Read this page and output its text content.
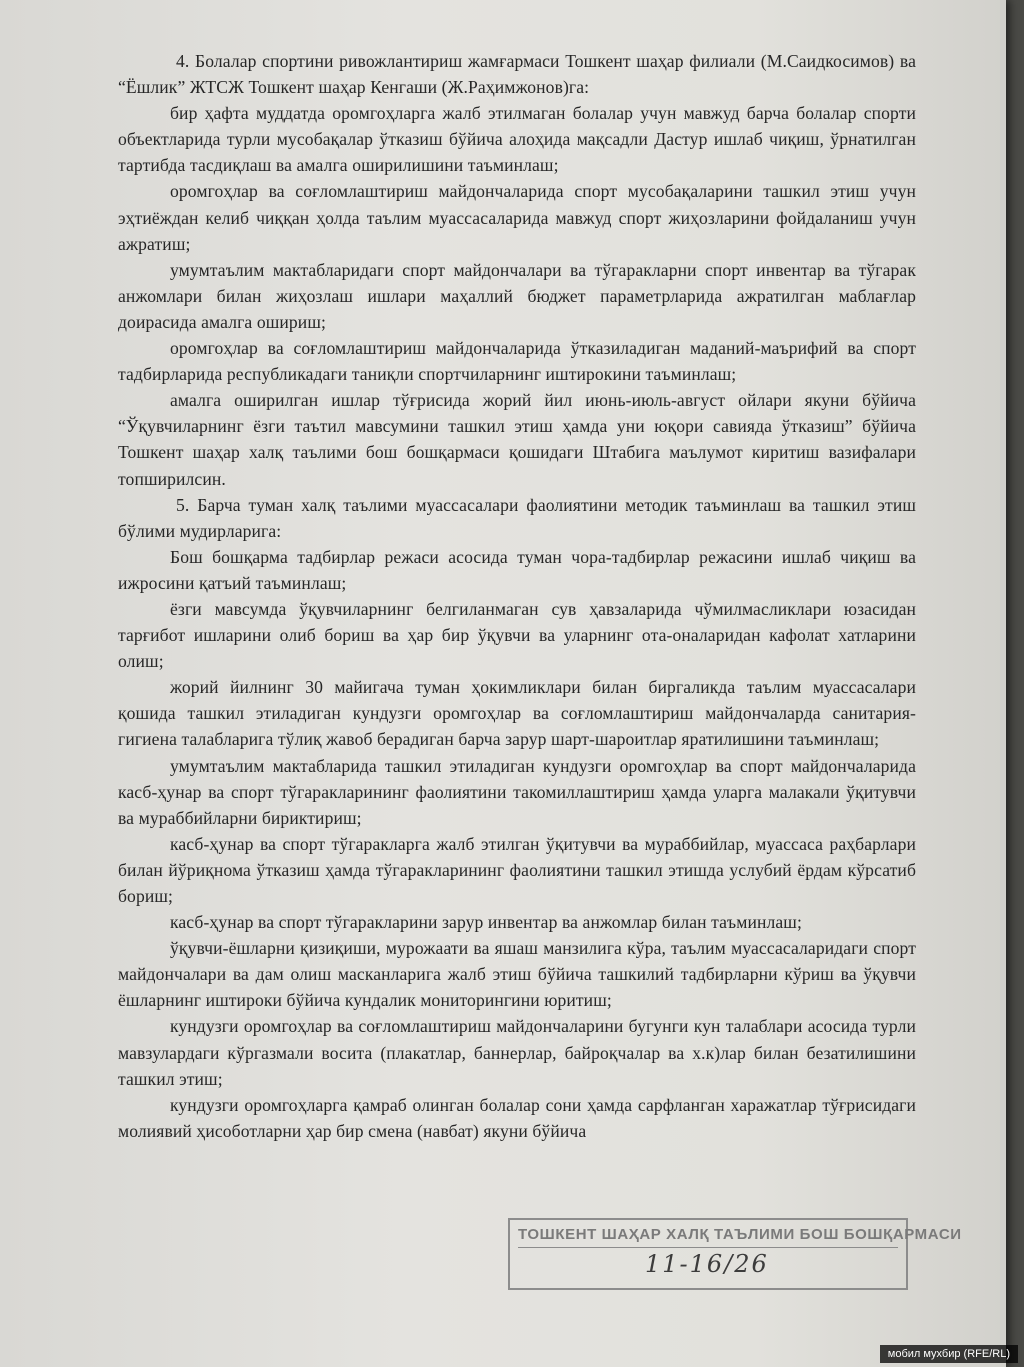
4. Болалар спортини ривожлантириш жамғармаси Тошкент шаҳар филиали (М.Саидкосимов) ва “Ёшлик” ЖТСЖ Тошкент шаҳар Кенгаши (Ж.Раҳимжонов)га:

бир ҳафта муддатда оромгоҳларга жалб этилмаган болалар учун мавжуд барча болалар спорти объектларида турли мусобақалар ўтказиш бўйича алоҳида мақсадли Дастур ишлаб чиқиш, ўрнатилган тартибда тасдиқлаш ва амалга оширилишини таъминлаш;

оромгоҳлар ва соғломлаштириш майдончаларида спорт мусобақаларини ташкил этиш учун эҳтиёждан келиб чиққан ҳолда таълим муассасаларида мавжуд спорт жиҳозларини фойдаланиш учун ажратиш;

умумтаълим мактабларидаги спорт майдончалари ва тўгаракларни спорт инвентар ва тўгарак анжомлари билан жиҳозлаш ишлари маҳаллий бюджет параметрларида ажратилган маблағлар доирасида амалга ошириш;

оромгоҳлар ва соғломлаштириш майдончаларида ўтказиладиган маданий-маърифий ва спорт тадбирларида республикадаги таниқли спортчиларнинг иштирокини таъминлаш;

амалга оширилган ишлар тўғрисида жорий йил июнь-июль-август ойлари якуни бўйича “Ўқувчиларнинг ёзги таътил мавсумини ташкил этиш ҳамда уни юқори савияда ўтказиш” бўйича Тошкент шаҳар халқ таълими бош бошқармаси қошидаги Штабига маълумот киритиш вазифалари топширилсин.

5. Барча туман халқ таълими муассасалари фаолиятини методик таъминлаш ва ташкил этиш бўлими мудирларига:

Бош бошқарма тадбирлар режаси асосида туман чора-тадбирлар режасини ишлаб чиқиш ва ижросини қатъий таъминлаш;

ёзги мавсумда ўқувчиларнинг белгиланмаган сув ҳавзаларида чўмилмасликлари юзасидан тарғибот ишларини олиб бориш ва ҳар бир ўқувчи ва уларнинг ота-оналаридан кафолат хатларини олиш;

жорий йилнинг 30 майигача туман ҳокимликлари билан биргаликда таълим муассасалари қошида ташкил этиладиган кундузги оромгоҳлар ва соғломлаштириш майдончаларда санитария-гигиена талабларига тўлиқ жавоб берадиган барча зарур шарт-шароитлар яратилишини таъминлаш;

умумтаълим мактабларида ташкил этиладиган кундузги оромгоҳлар ва спорт майдончаларида касб-ҳунар ва спорт тўгаракларининг фаолиятини такомиллаштириш ҳамда уларга малакали ўқитувчи ва мураббийларни бириктириш;

касб-ҳунар ва спорт тўгаракларга жалб этилган ўқитувчи ва мураббийлар, муассаса раҳбарлари билан йўриқнома ўтказиш ҳамда тўгаракларининг фаолиятини ташкил этишда услубий ёрдам кўрсатиб бориш;

касб-ҳунар ва спорт тўгаракларини зарур инвентар ва анжомлар билан таъминлаш;

ўқувчи-ёшларни қизиқиши, мурожаати ва яшаш манзилига кўра, таълим муассасаларидаги спорт майдончалари ва дам олиш масканларига жалб этиш бўйича ташкилий тадбирларни кўриш ва ўқувчи ёшларнинг иштироки бўйича кундалик мониторингини юритиш;

кундузги оромгоҳлар ва соғломлаштириш майдончаларини бугунги кун талаблари асосида турли мавзулардаги кўргазмали восита (плакатлар, баннерлар, байроқчалар ва х.к)лар билан безатилишини ташкил этиш;

кундузги оромгоҳларга қамраб олинган болалар сони ҳамда сарфланган харажатлар тўғрисидаги молиявий ҳисоботларни ҳар бир смена (навбат) якуни бўйича

ТОШКЕНТ ШАҲАР ХАЛҚ ТАЪЛИМИ БОШ БОШҚАРМАСИ
11-16/26
мобил мухбир (RFE/RL)
